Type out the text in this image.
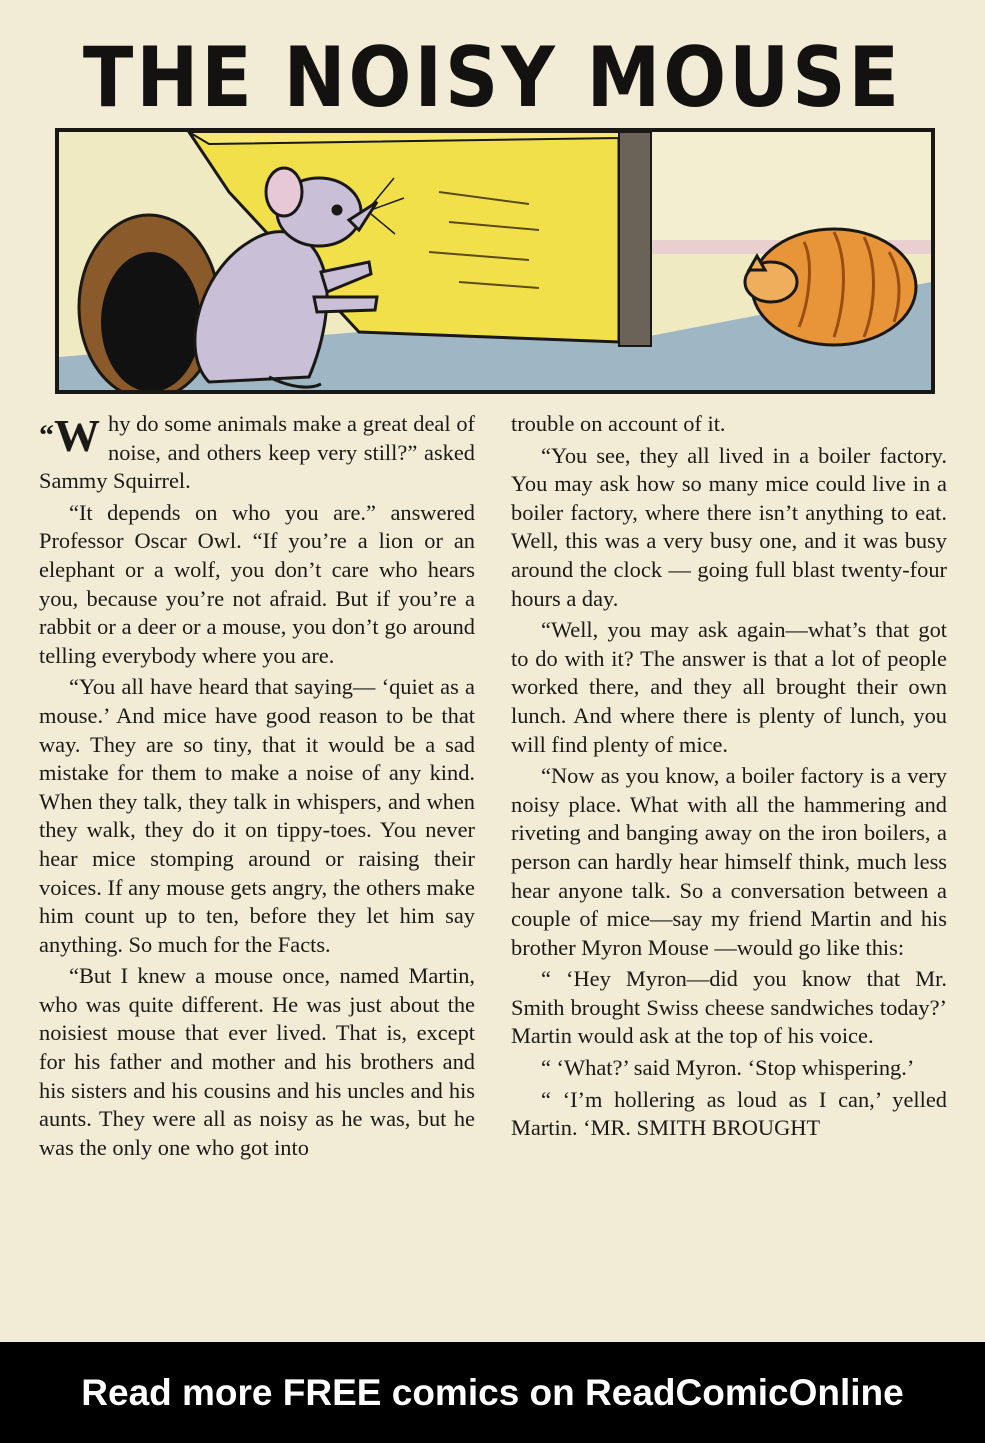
THE NOISY MOUSE

“W hy do some animals make a great deal of noise, and others keep very still?” asked Sammy Squirrel.

“It depends on who you are.” answered Professor Oscar Owl. “If you’re a lion or an elephant or a wolf, you don’t care who hears you, because you’re not afraid. But if you’re a rabbit or a deer or a mouse, you don’t go around telling everybody where you are.

“You all have heard that saying— ‘quiet as a mouse.’ And mice have good reason to be that way. They are so tiny, that it would be a sad mistake for them to make a noise of any kind. When they talk, they talk in whispers, and when they walk, they do it on tippy-toes. You never hear mice stomping around or raising their voices. If any mouse gets angry, the others make him count up to ten, before they let him say anything. So much for the Facts.

“But I knew a mouse once, named Martin, who was quite different. He was just about the noisiest mouse that ever lived. That is, except for his father and mother and his brothers and his sisters and his cousins and his uncles and his aunts. They were all as noisy as he was, but he was the only one who got into

trouble on account of it.

“You see, they all lived in a boiler factory. You may ask how so many mice could live in a boiler factory, where there isn’t anything to eat. Well, this was a very busy one, and it was busy around the clock — going full blast twenty-four hours a day.

“Well, you may ask again—what’s that got to do with it? The answer is that a lot of people worked there, and they all brought their own lunch. And where there is plenty of lunch, you will find plenty of mice.

“Now as you know, a boiler factory is a very noisy place. What with all the hammering and riveting and banging away on the iron boilers, a person can hardly hear himself think, much less hear anyone talk. So a conversation between a couple of mice—say my friend Martin and his brother Myron Mouse —would go like this:

“ ‘Hey Myron—did you know that Mr. Smith brought Swiss cheese sandwiches today?’ Martin would ask at the top of his voice.

“ ‘What?’ said Myron. ‘Stop whispering.’

“ ‘I’m hollering as loud as I can,’ yelled Martin. ‘MR. SMITH BROUGHT

Read more FREE comics on ReadComicOnline
